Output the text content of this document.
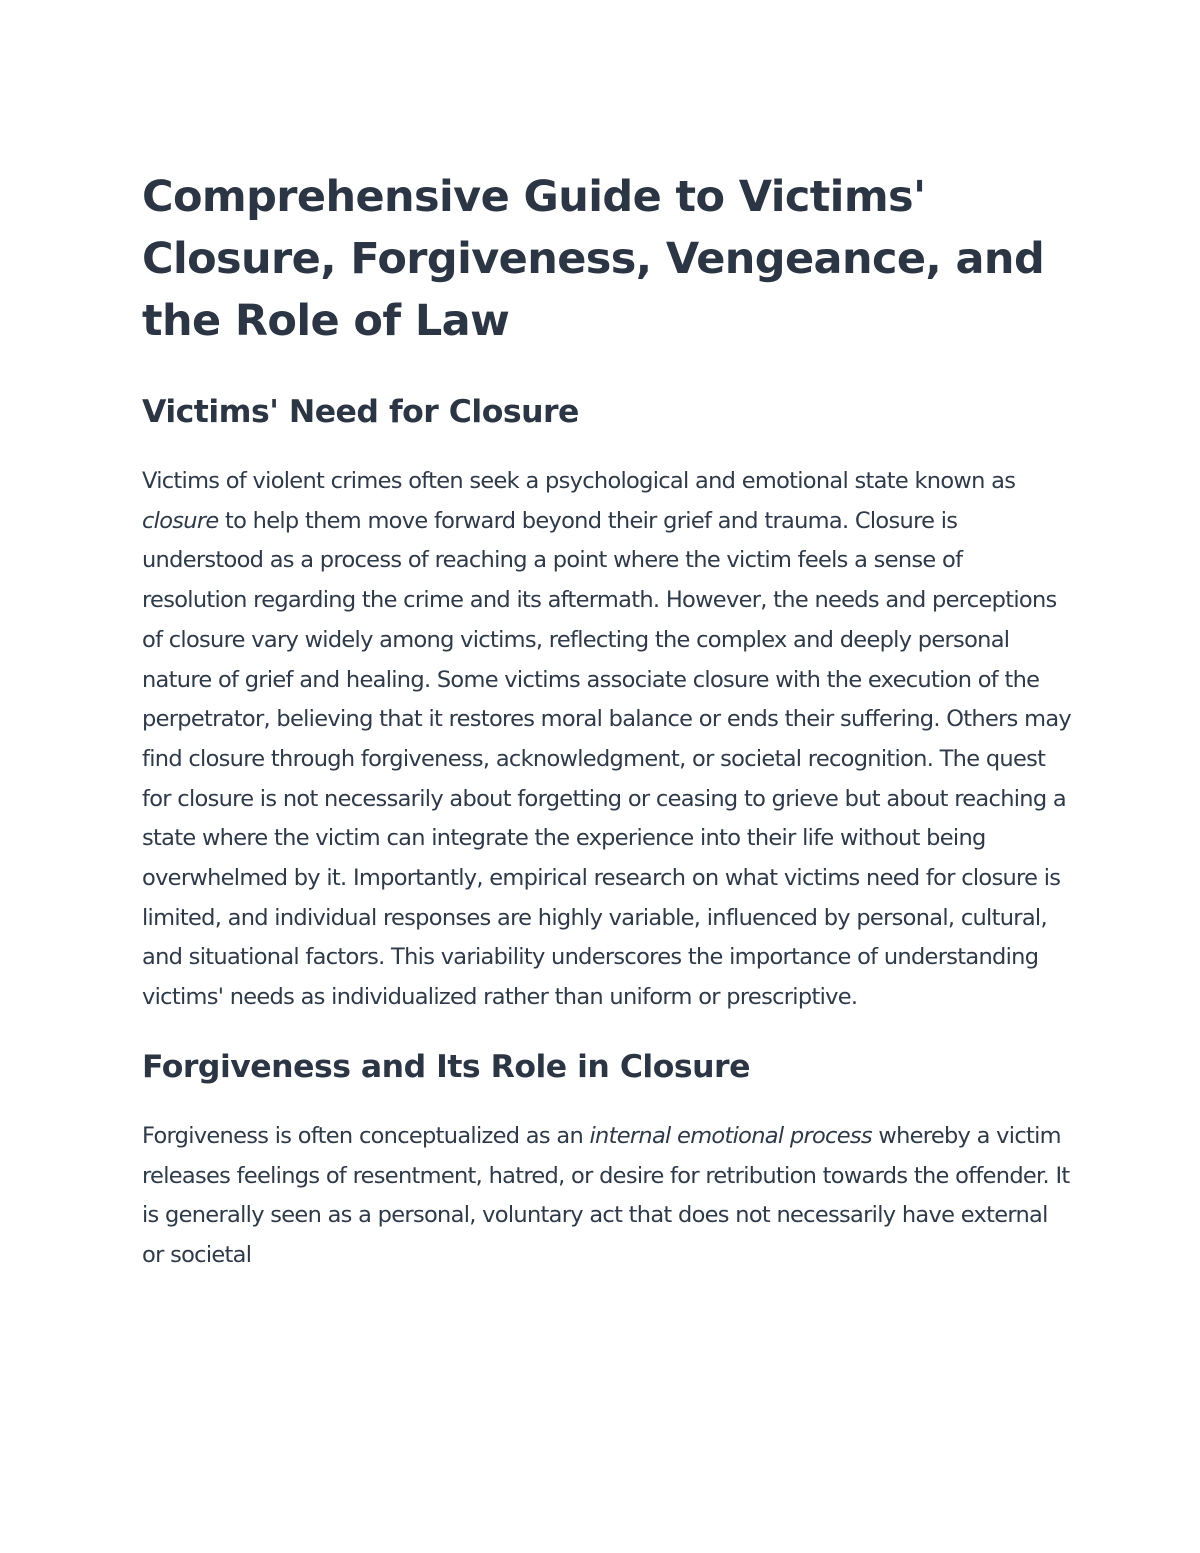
Comprehensive Guide to Victims' Closure, Forgiveness, Vengeance, and the Role of Law
Victims' Need for Closure

Victims of violent crimes often seek a psychological and emotional state known as closure to help them move forward beyond their grief and trauma. Closure is understood as a process of reaching a point where the victim feels a sense of resolution regarding the crime and its aftermath. However, the needs and perceptions of closure vary widely among victims, reflecting the complex and deeply personal nature of grief and healing. Some victims associate closure with the execution of the perpetrator, believing that it restores moral balance or ends their suffering. Others may find closure through forgiveness, acknowledgment, or societal recognition. The quest for closure is not necessarily about forgetting or ceasing to grieve but about reaching a state where the victim can integrate the experience into their life without being overwhelmed by it. Importantly, empirical research on what victims need for closure is limited, and individual responses are highly variable, influenced by personal, cultural, and situational factors. This variability underscores the importance of understanding victims' needs as individualized rather than uniform or prescriptive.

Forgiveness and Its Role in Closure

Forgiveness is often conceptualized as an internal emotional process whereby a victim releases feelings of resentment, hatred, or desire for retribution towards the offender. It is generally seen as a personal, voluntary act that does not necessarily have external or societal
